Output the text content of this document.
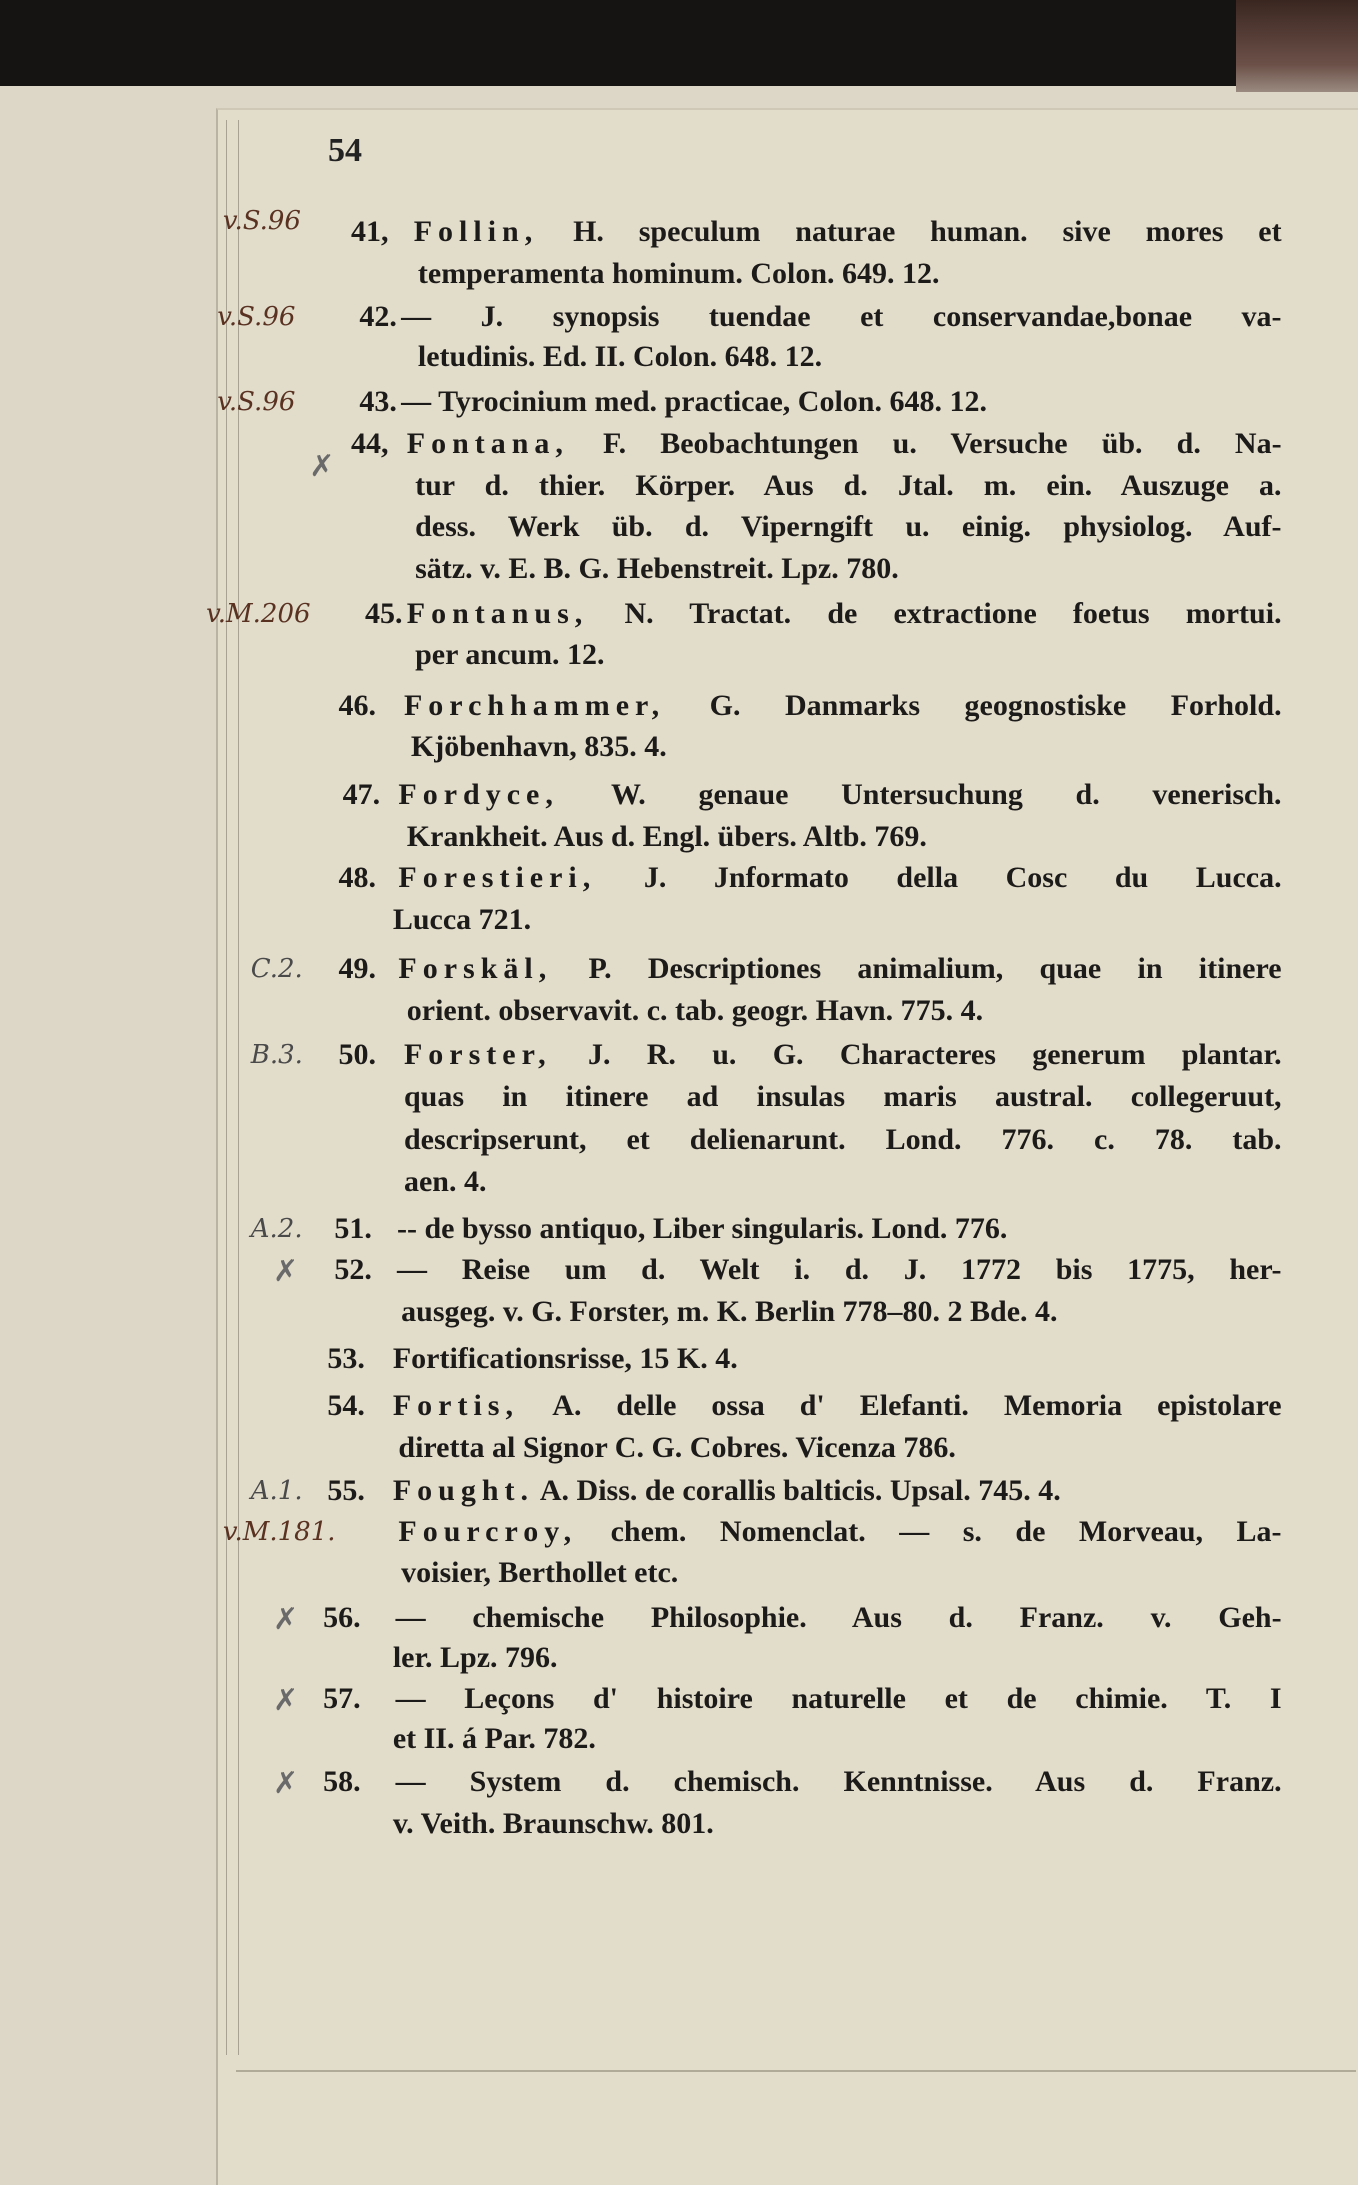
54
41, Follin, H. speculum naturae human. sive mores et
temperamenta hominum. Colon. 649. 12.
42. — J. synopsis tuendae et conservandae,bonae va-
letudinis. Ed. II. Colon. 648. 12.
43. — Tyrocinium med. practicae, Colon. 648. 12.
44, Fontana, F. Beobachtungen u. Versuche üb. d. Na-
tur d. thier. Körper. Aus d. Jtal. m. ein. Auszuge a.
dess. Werk üb. d. Viperngift u. einig. physiolog. Auf-
sätz. v. E. B. G. Hebenstreit. Lpz. 780.
45. Fontanus, N. Tractat. de extractione foetus mortui.
per ancum. 12.
46. Forchhammer, G. Danmarks geognostiske Forhold.
Kjöbenhavn, 835. 4.
47. Fordyce, W. genaue Untersuchung d. venerisch.
Krankheit. Aus d. Engl. übers. Altb. 769.
48. Forestieri, J. Jnformato della Cosc du Lucca.
Lucca 721.
49. Forskäl, P. Descriptiones animalium, quae in itinere
orient. observavit. c. tab. geogr. Havn. 775. 4.
50. Forster, J. R. u. G. Characteres generum plantar.
quas in itinere ad insulas maris austral. collegeruut,
descripserunt, et delienarunt. Lond. 776. c. 78. tab.
aen. 4.
51. -- de bysso antiquo, Liber singularis. Lond. 776.
52. — Reise um d. Welt i. d. J. 1772 bis 1775, her-
ausgeg. v. G. Forster, m. K. Berlin 778–80. 2 Bde. 4.
53. Fortificationsrisse, 15 K. 4.
54. Fortis, A. delle ossa d' Elefanti. Memoria epistolare
diretta al Signor C. G. Cobres. Vicenza 786.
55. Fought. A. Diss. de corallis balticis. Upsal. 745. 4.
Fourcroy, chem. Nomenclat. — s. de Morveau, La-
voisier, Berthollet etc.
56. — chemische Philosophie. Aus d. Franz. v. Geh-
ler. Lpz. 796.
57. — Leçons d' histoire naturelle et de chimie. T. I
et II. á Par. 782.
58. — System d. chemisch. Kenntnisse. Aus d. Franz.
v. Veith. Braunschw. 801.
v.S.96
v.S.96
v.S.96
v.M.206
C.2.
B.3.
A.2.
A.1.
v.M.181.
✗
✗
✗
✗
✗
